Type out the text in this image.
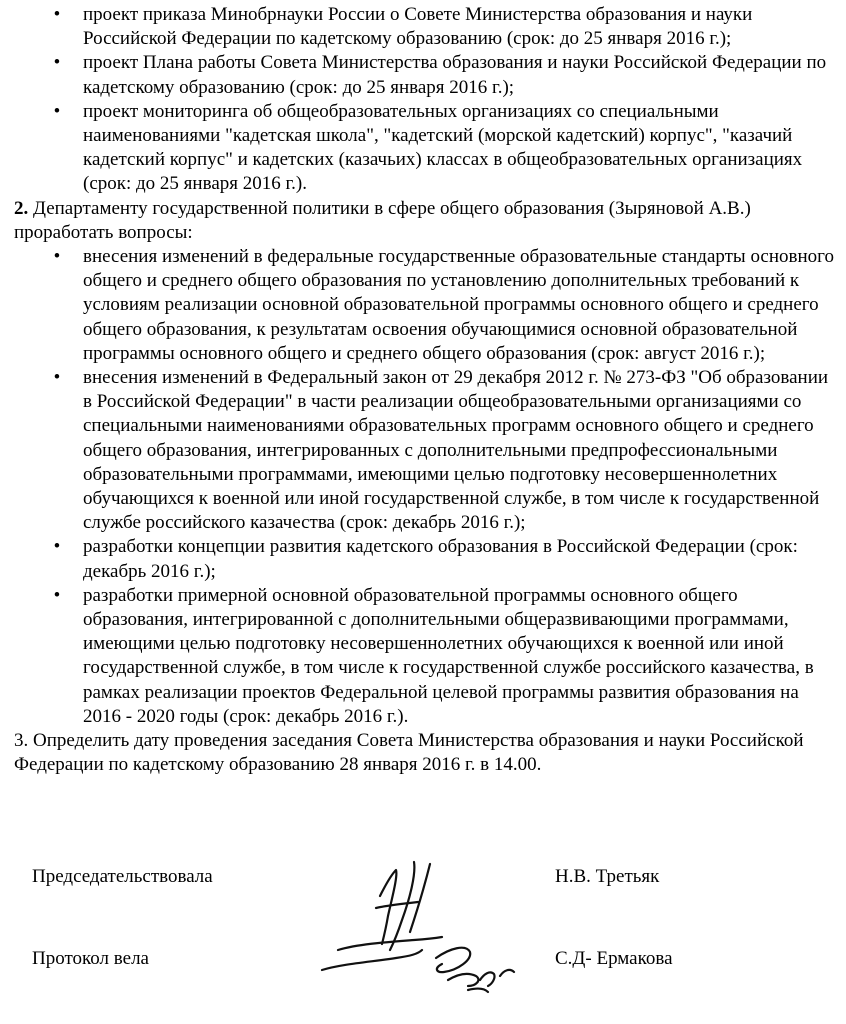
• проект приказа Минобрнауки России о Совете Министерства образования и науки Российской Федерации по кадетскому образованию (срок: до 25 января 2016 г.);
• проект Плана работы Совета Министерства образования и науки Российской Федерации по кадетскому образованию (срок: до 25 января 2016 г.);
• проект мониторинга об общеобразовательных организациях со специальными наименованиями "кадетская школа", "кадетский (морской кадетский) корпус", "казачий кадетский корпус" и кадетских (казачьих) классах в общеобразовательных организациях (срок: до 25 января 2016 г.).
2. Департаменту государственной политики в сфере общего образования (Зыряновой А.В.) проработать вопросы:
• внесения изменений в федеральные государственные образовательные стандарты основного общего и среднего общего образования по установлению дополнительных требований к условиям реализации основной образовательной программы основного общего и среднего общего образования, к результатам освоения обучающимися основной образовательной программы основного общего и среднего общего образования (срок: август 2016 г.);
• внесения изменений в Федеральный закон от 29 декабря 2012 г. № 273-ФЗ "Об образовании в Российской Федерации" в части реализации общеобразовательными организациями со специальными наименованиями образовательных программ основного общего и среднего общего образования, интегрированных с дополнительными предпрофессиональными образовательными программами, имеющими целью подготовку несовершеннолетних обучающихся к военной или иной государственной службе, в том числе к государственной службе российского казачества (срок: декабрь 2016 г.);
• разработки концепции развития кадетского образования в Российской Федерации (срок: декабрь 2016 г.);
• разработки примерной основной образовательной программы основного общего образования, интегрированной с дополнительными общеразвивающими программами, имеющими целью подготовку несовершеннолетних обучающихся к военной или иной государственной службе, в том числе к государственной службе российского казачества, в рамках реализации проектов Федеральной целевой программы развития образования на 2016 - 2020 годы (срок: декабрь 2016 г.).
3. Определить дату проведения заседания Совета Министерства образования и науки Российской Федерации по кадетскому образованию 28 января 2016 г. в 14.00.
Председательствовала	Н.В. Третьяк
Протокол вела	С.Д- Ермакова
